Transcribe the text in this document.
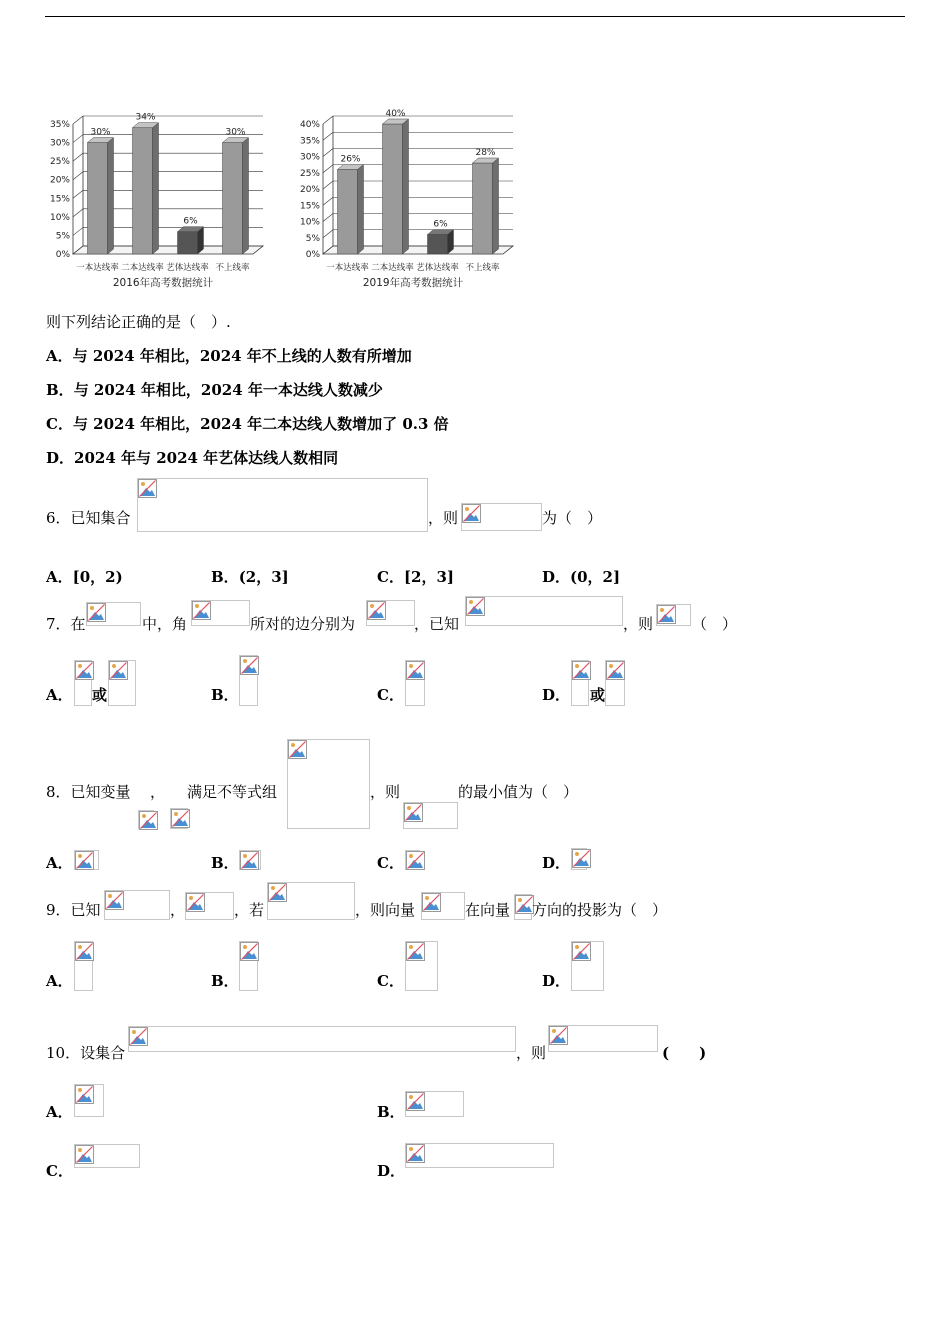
0%
5%
10%
15%
20%
25%
30%
35%
30%
一本达线率
34%
二本达线率
6%
艺体达线率
30%
不上线率
2016年高考数据统计
0%
5%
10%
15%
20%
25%
30%
35%
40%
26%
一本达线率
40%
二本达线率
6%
艺体达线率
28%
不上线率
2019年高考数据统计
则下列结论正确的是（　）.
A．与 2024 年相比，2024 年不上线的人数有所增加
B．与 2024 年相比，2024 年一本达线人数减少
C．与 2024 年相比，2024 年二本达线人数增加了 0.3 倍
D．2024 年与 2024 年艺体达线人数相同
6．已知集合	，则	为（　）
A．[0，2)	B．(2，3]	C．[2，3]	D．(0，2]
7．在	中，角	所对的边分别为	，已知	，则	（　）
A． 或	B．	C．	D． 或
8．已知变量 ， 满足不等式组	，则	的最小值为（　）
A．	B．	C．	D．
9．已知	，	，若	，则向量	在向量 方向的投影为（　）
A．	B．	C．	D．
10．设集合	，则	(　　)
A．	B．
C．	D．
